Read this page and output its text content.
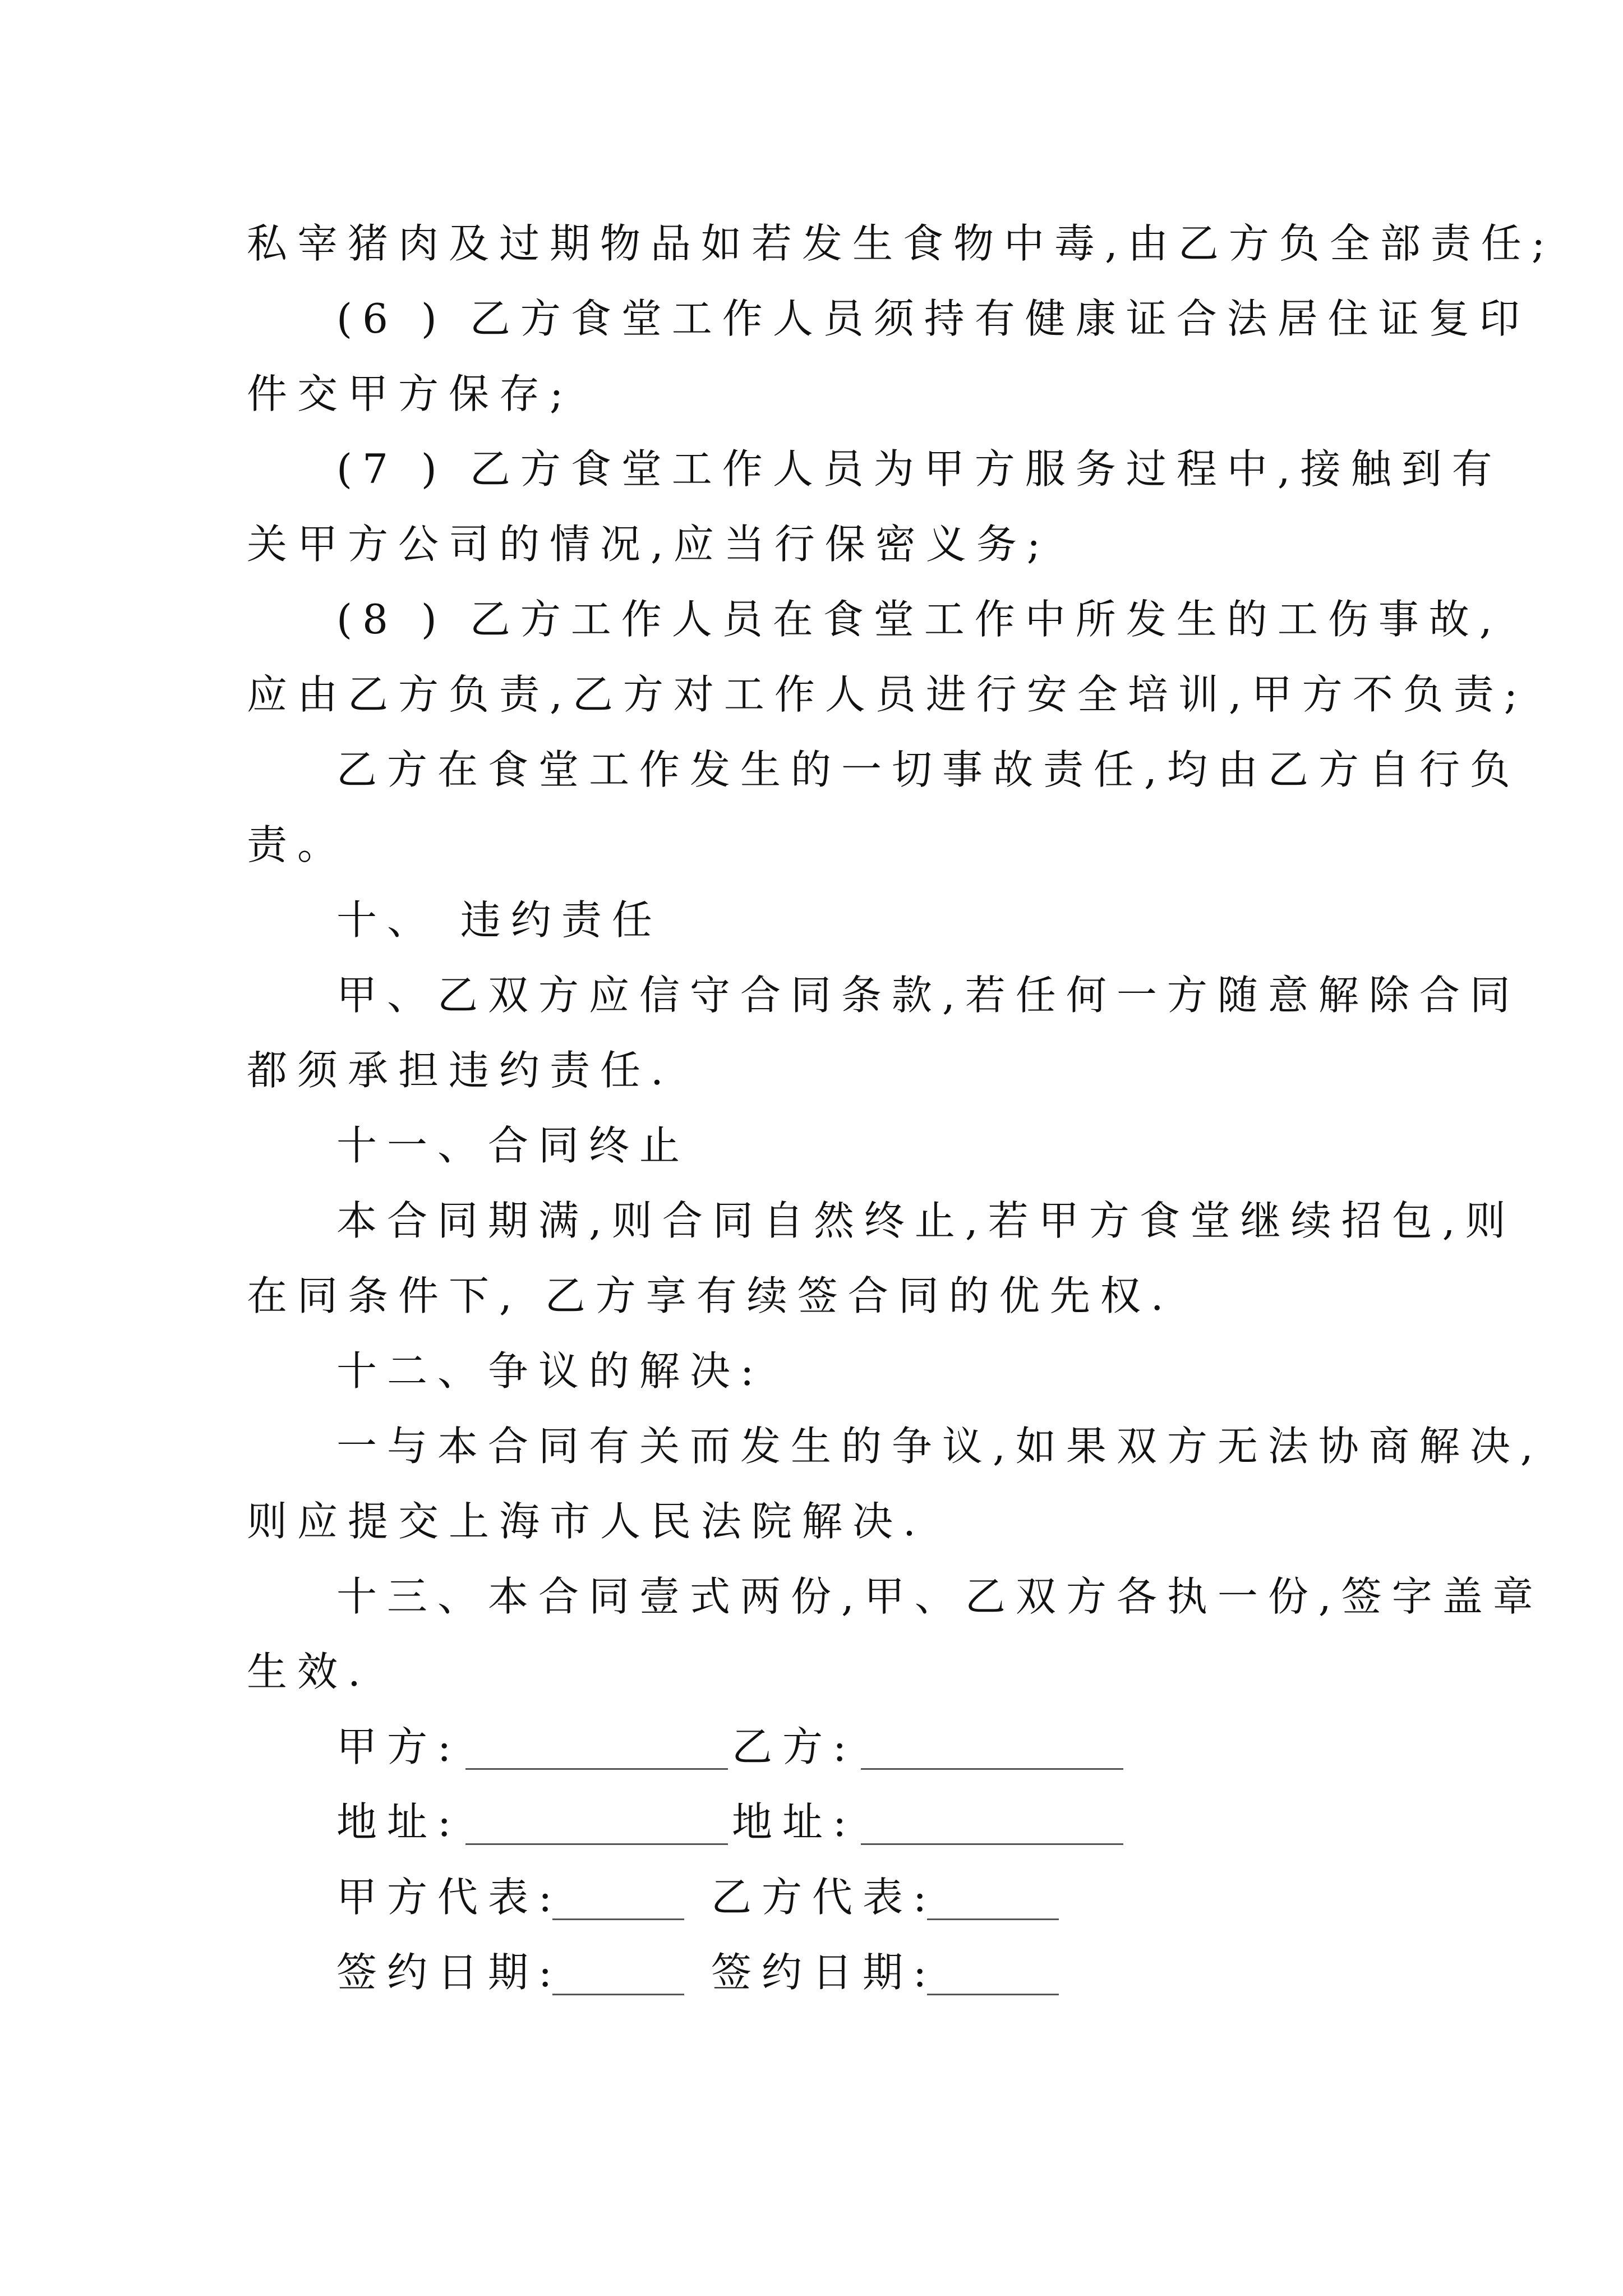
私宰猪肉及过期物品如若发生食物中毒,由乙方负全部责任;
(6 ) 乙方食堂工作人员须持有健康证合法居住证复印
件交甲方保存;
(7 ) 乙方食堂工作人员为甲方服务过程中,接触到有
关甲方公司的情况,应当行保密义务;
(8 ) 乙方工作人员在食堂工作中所发生的工伤事故,
应由乙方负责,乙方对工作人员进行安全培训,甲方不负责;
乙方在食堂工作发生的一切事故责任,均由乙方自行负
责。
十、 违约责任
甲、乙双方应信守合同条款,若任何一方随意解除合同
都须承担违约责任.
十一、合同终止
本合同期满,则合同自然终止,若甲方食堂继续招包,则
在同条件下, 乙方享有续签合同的优先权.
十二、争议的解决:
一与本合同有关而发生的争议,如果双方无法协商解决,
则应提交上海市人民法院解决.
十三、本合同壹式两份,甲、乙双方各执一份,签字盖章
生效.
甲方:	乙方:
地址:	地址:
甲方代表:	乙方代表:
签约日期:	签约日期:
